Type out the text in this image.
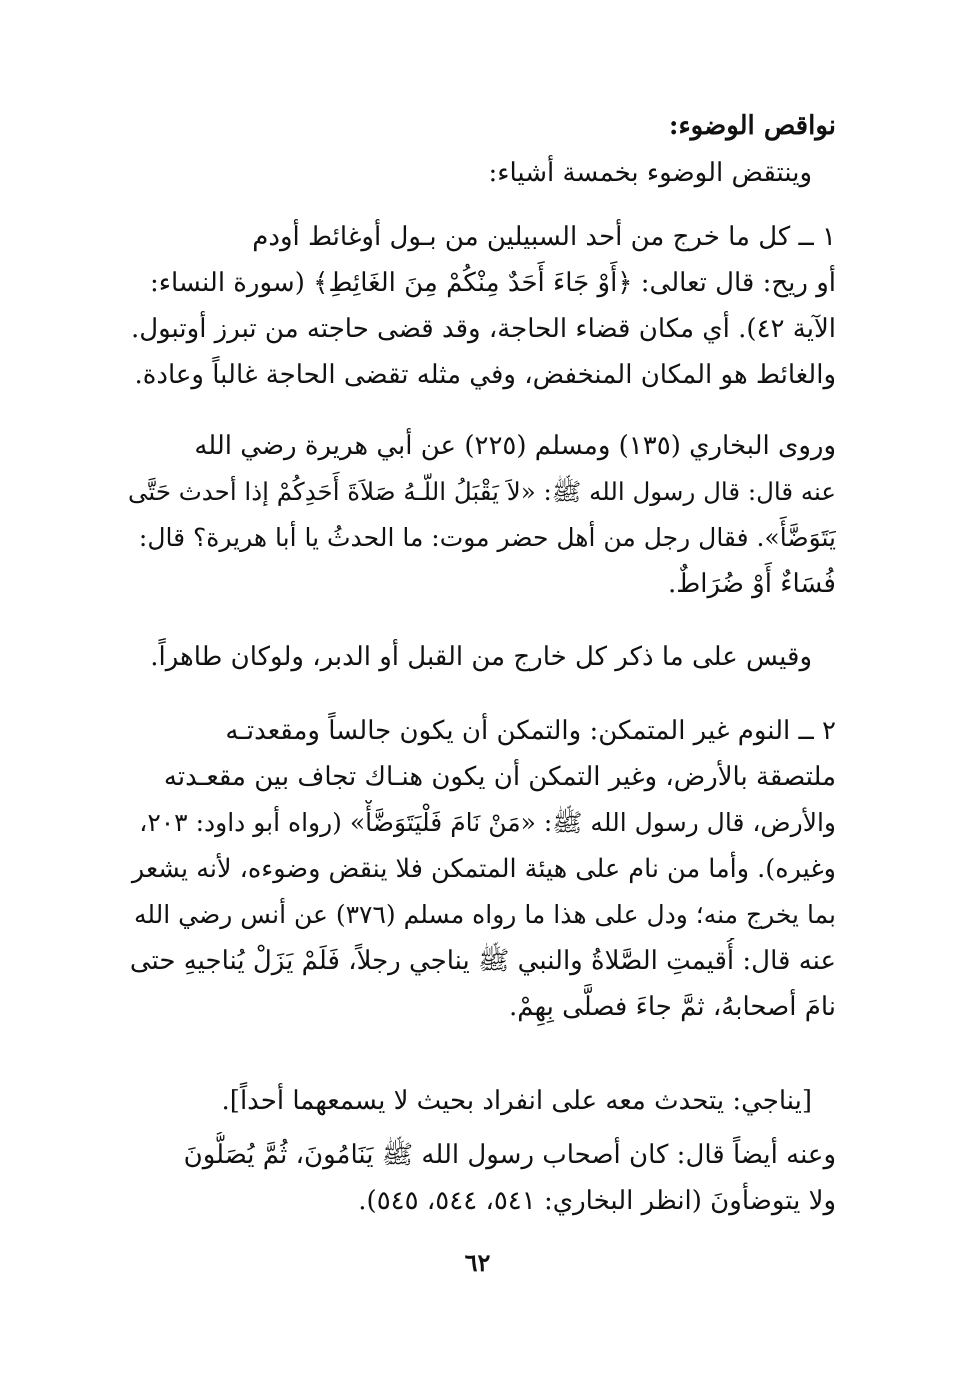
نواقص الوضوء:
وينتقض الوضوء بخمسة أشياء:
١ ــ كل ما خرج من أحد السبيلين من بـول أوغائط أودم
أو ريح: قال تعالى: ﴿أَوْ جَاءَ أَحَدٌ مِنْكُمْ مِنَ الغَائِطِ﴾ (سورة النساء:
الآية ٤٢). أي مكان قضاء الحاجة، وقد قضى حاجته من تبرز أوتبول.
والغائط هو المكان المنخفض، وفي مثله تقضى الحاجة غالباً وعادة.
وروى البخاري (١٣٥) ومسلم (٢٢٥) عن أبي هريرة رضي الله
عنه قال: قال رسول الله ﷺ: «لاَ يَقْبَلُ اللّـهُ صَلاَةَ أَحَدِكُمْ إذا أحدث حَتَّى
يَتَوَضَّأَ». فقال رجل من أهل حضر موت: ما الحدثُ يا أبا هريرة؟ قال:
فُسَاءٌ أَوْ ضُرَاطٌ.
وقيس على ما ذكر كل خارج من القبل أو الدبر، ولوكان طاهراً.
٢ ــ النوم غير المتمكن: والتمكن أن يكون جالساً ومقعدتـه
ملتصقة بالأرض، وغير التمكن أن يكون هنـاك تجاف بين مقعـدته
والأرض، قال رسول الله ﷺ: «مَنْ نَامَ فَلْيَتَوَضَّأْ» (رواه أبو داود: ٢٠٣،
وغيره). وأما من نام على هيئة المتمكن فلا ينقض وضوءه، لأنه يشعر
بما يخرج منه؛ ودل على هذا ما رواه مسلم (٣٧٦) عن أنس رضي الله
عنه قال: أُقيمتِ الصَّلاةُ والنبي ﷺ يناجي رجلاً، فَلَمْ يَزَلْ يُناجيهِ حتى
نامَ أصحابهُ، ثمَّ جاءَ فصلَّى بِهِمْ.
[يناجي: يتحدث معه على انفراد بحيث لا يسمعهما أحداً].
وعنه أيضاً قال: كان أصحاب رسول الله ﷺ يَنَامُونَ، ثُمَّ يُصَلُّونَ
ولا يتوضأونَ (انظر البخاري: ٥٤١، ٥٤٤، ٥٤٥).
٦٢
